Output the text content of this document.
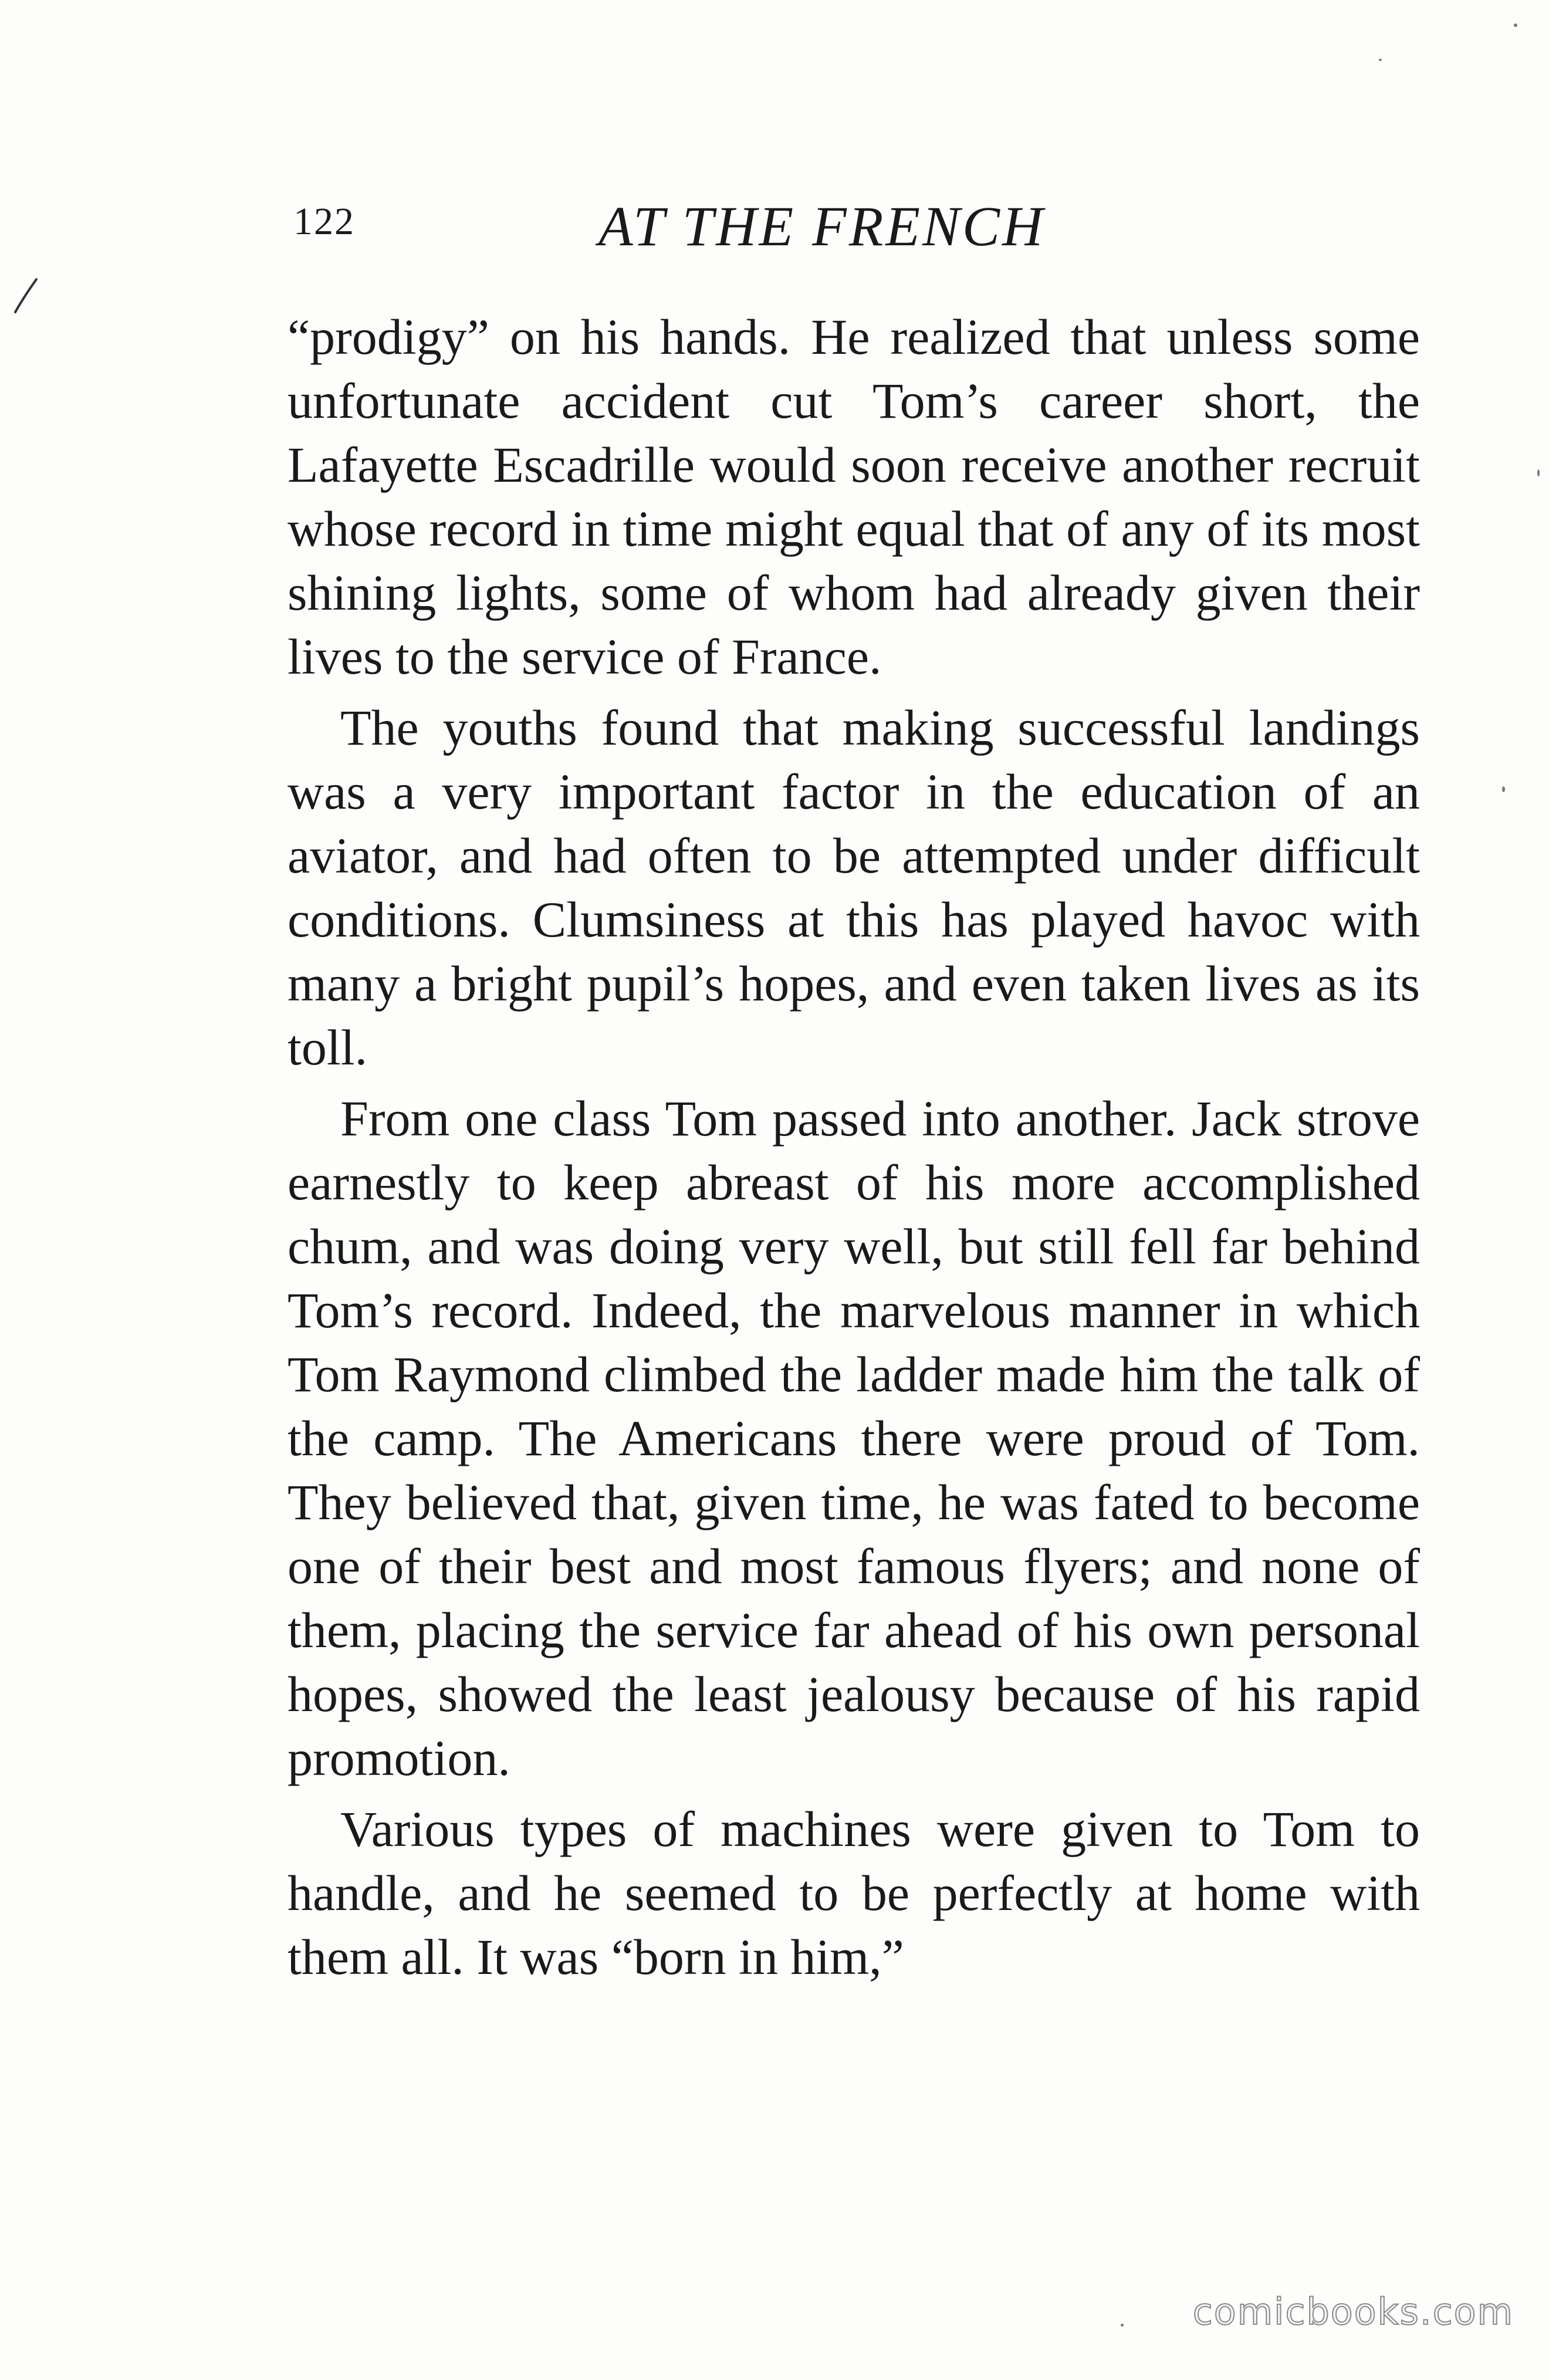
122	AT THE FRENCH

“prodigy” on his hands. He realized that unless some unfortunate accident cut Tom’s career short, the Lafayette Escadrille would soon receive another recruit whose record in time might equal that of any of its most shining lights, some of whom had already given their lives to the service of France.

The youths found that making successful landings was a very important factor in the education of an aviator, and had often to be attempted under difficult conditions. Clumsiness at this has played havoc with many a bright pupil’s hopes, and even taken lives as its toll.

From one class Tom passed into another. Jack strove earnestly to keep abreast of his more accomplished chum, and was doing very well, but still fell far behind Tom’s record. Indeed, the marvelous manner in which Tom Raymond climbed the ladder made him the talk of the camp. The Americans there were proud of Tom. They believed that, given time, he was fated to become one of their best and most famous flyers; and none of them, placing the service far ahead of his own personal hopes, showed the least jealousy because of his rapid promotion.

Various types of machines were given to Tom to handle, and he seemed to be perfectly at home with them all. It was “born in him,”

comicbooks.com
